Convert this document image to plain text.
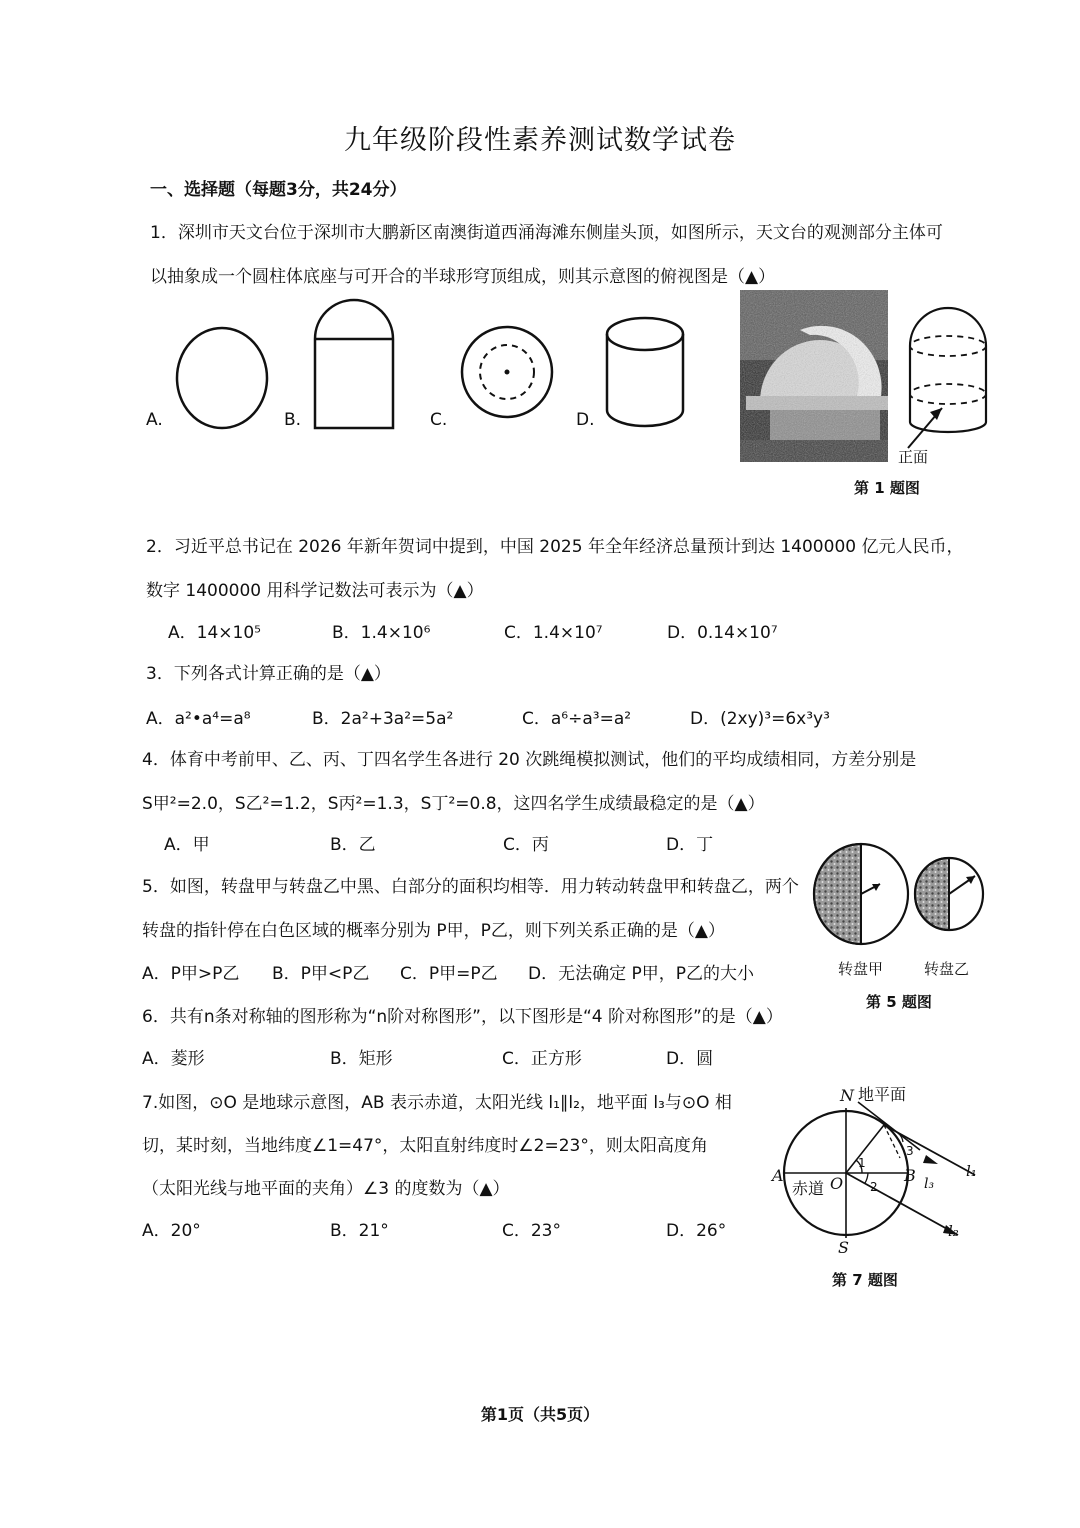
九年级阶段性素养测试数学试卷
一、选择题（每题3分，共24分）
1．深圳市天文台位于深圳市大鹏新区南澳街道西涌海滩东侧崖头顶，如图所示，天文台的观测部分主体可
以抽象成一个圆柱体底座与可开合的半球形穹顶组成，则其示意图的俯视图是（▲）
A.	B.	C.	D.
正面
第 1 题图
2．习近平总书记在 2026 年新年贺词中提到，中国 2025 年全年经济总量预计到达 1400000 亿元人民币，
数字 1400000 用科学记数法可表示为（▲）
A．14×10⁵	B．1.4×10⁶	C．1.4×10⁷	D．0.14×10⁷
3．下列各式计算正确的是（▲）
A．a²•a⁴=a⁸	B．2a²+3a²=5a²	C．a⁶÷a³=a²	D．(2xy)³=6x³y³
4．体育中考前甲、乙、丙、丁四名学生各进行 20 次跳绳模拟测试，他们的平均成绩相同，方差分别是
S甲²=2.0，S乙²=1.2，S丙²=1.3，S丁²=0.8，这四名学生成绩最稳定的是（▲）
A．甲	B．乙	C．丙	D．丁
5．如图，转盘甲与转盘乙中黑、白部分的面积均相等．用力转动转盘甲和转盘乙，两个
转盘的指针停在白色区域的概率分别为 P甲，P乙，则下列关系正确的是（▲）
A．P甲>P乙 B．P甲<P乙 C．P甲=P乙 D．无法确定 P甲，P乙的大小	转盘甲	转盘乙
第 5 题图
6．共有n条对称轴的图形称为“n阶对称图形”，以下图形是“4 阶对称图形”的是（▲）
A．菱形	B．矩形	C．正方形	D．圆
7.如图，⊙O 是地球示意图，AB 表示赤道，太阳光线 l₁∥l₂，地平面 l₃与⊙O 相
切，某时刻，当地纬度∠1=47°，太阳直射纬度时∠2=23°，则太阳高度角
（太阳光线与地平面的夹角）∠3 的度数为（▲）
A．20°	B．21°	C．23°	D．26°
N 地平面
S
A	B
O
赤道
l₁
l₂
l₃
1
2
3
第 7 题图
第1页（共5页）
